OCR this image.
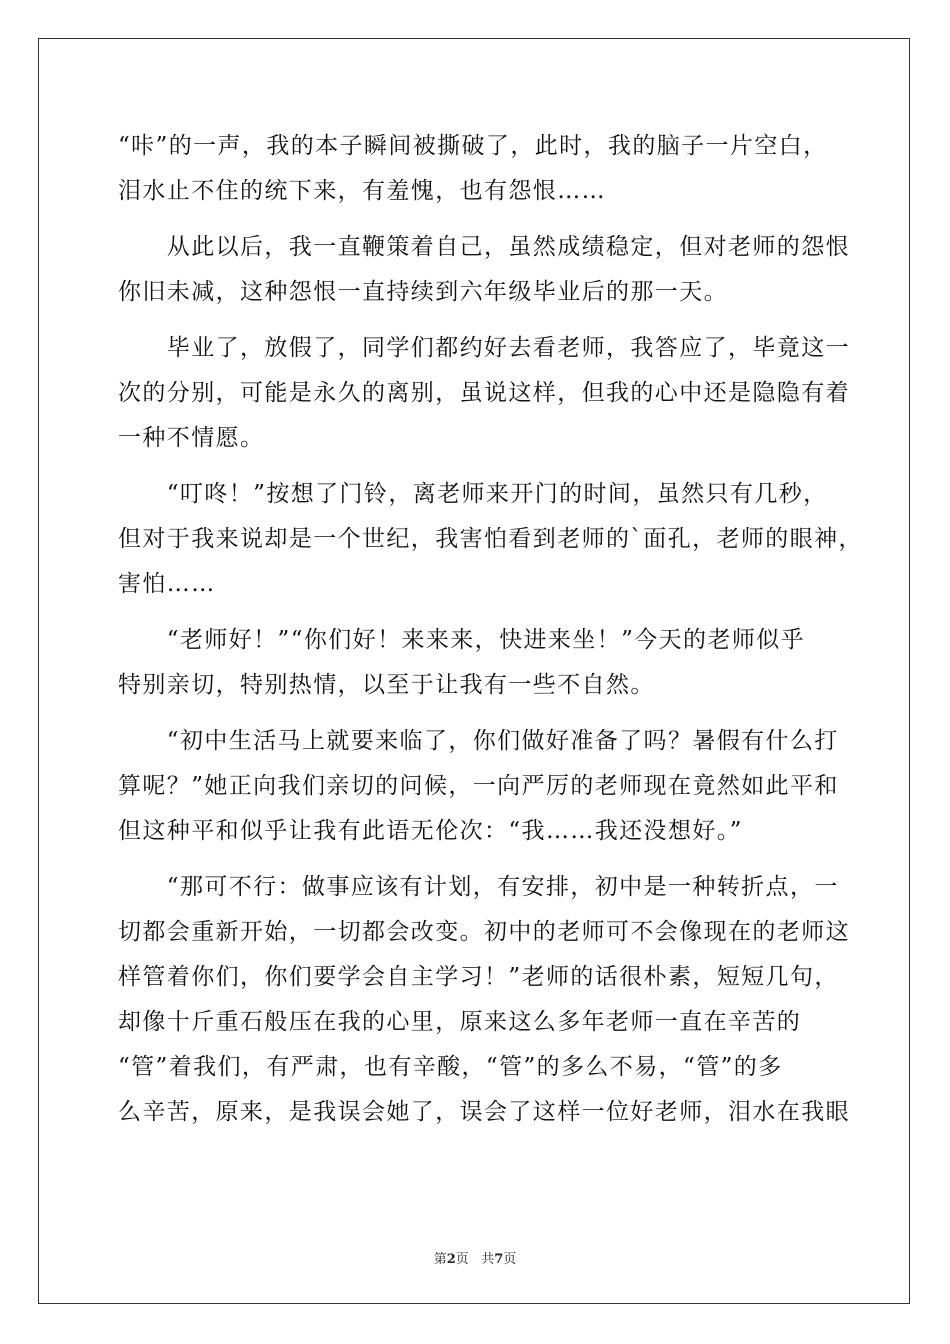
“咔”的一声，我的本子瞬间被撕破了，此时，我的脑子一片空白，
泪水止不住的统下来，有羞愧，也有怨恨……
　　从此以后，我一直鞭策着自己，虽然成绩稳定，但对老师的怨恨
你旧未减，这种怨恨一直持续到六年级毕业后的那一天。
　　毕业了，放假了，同学们都约好去看老师，我答应了，毕竟这一
次的分别，可能是永久的离别，虽说这样，但我的心中还是隐隐有着
一种不情愿。
　　“叮咚！”按想了门铃，离老师来开门的时间，虽然只有几秒，
但对于我来说却是一个世纪，我害怕看到老师的`面孔，老师的眼神，
害怕……
　　“老师好！”“你们好！来来来，快进来坐！”今天的老师似乎
特别亲切，特别热情，以至于让我有一些不自然。
　　“初中生活马上就要来临了，你们做好准备了吗？暑假有什么打
算呢？”她正向我们亲切的问候，一向严厉的老师现在竟然如此平和
但这种平和似乎让我有此语无伦次：“我……我还没想好。”
　　“那可不行：做事应该有计划，有安排，初中是一种转折点，一
切都会重新开始，一切都会改变。初中的老师可不会像现在的老师这
样管着你们，你们要学会自主学习！”老师的话很朴素，短短几句，
却像十斤重石般压在我的心里，原来这么多年老师一直在辛苦的
“管”着我们，有严肃，也有辛酸，“管”的多么不易，“管”的多
么辛苦，原来，是我误会她了，误会了这样一位好老师，泪水在我眼
第2页 共7页
